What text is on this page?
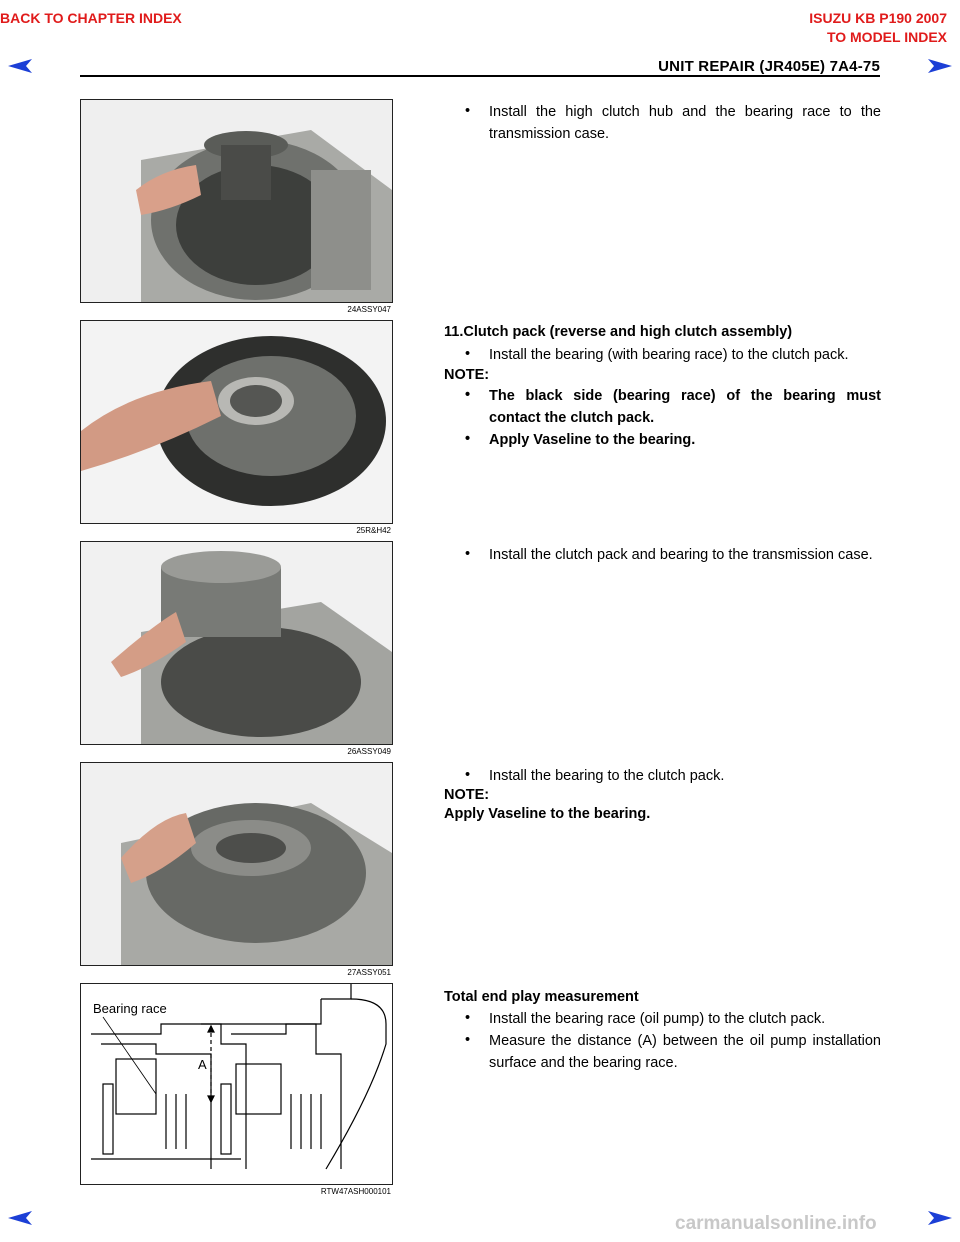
BACK TO CHAPTER INDEX	ISUZU KB P190 2007
TO MODEL INDEX
UNIT REPAIR (JR405E) 7A4-75
24ASSY047
• Install the high clutch hub and the bearing race to the transmission case.
25R&H42
11.Clutch pack (reverse and high clutch assembly)
• Install the bearing (with bearing race) to the clutch pack.
NOTE:
• The black side (bearing race) of the bearing must contact the clutch pack.
• Apply Vaseline to the bearing.
26ASSY049
• Install the clutch pack and bearing to the transmission case.
27ASSY051
• Install the bearing to the clutch pack.
NOTE:
Apply Vaseline to the bearing.
Bearing race
A
RTW47ASH000101
Total end play measurement
• Install the bearing race (oil pump) to the clutch pack.
• Measure the distance (A) between the oil pump installation surface and the bearing race.
carmanualsonline.info
